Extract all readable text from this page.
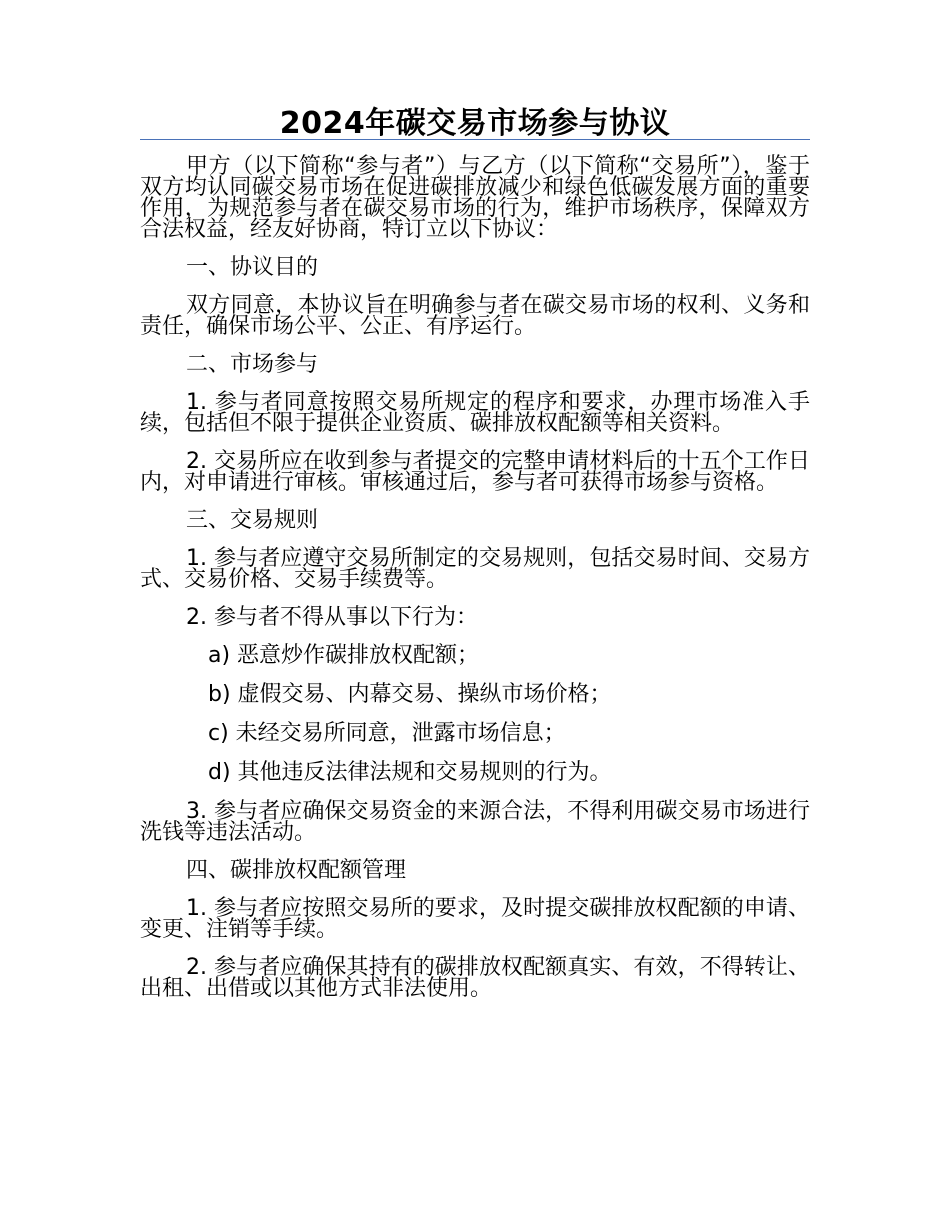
2024年碳交易市场参与协议

甲方（以下简称“参与者”）与乙方（以下简称“交易所”），鉴于双方均认同碳交易市场在促进碳排放减少和绿色低碳发展方面的重要作用，为规范参与者在碳交易市场的行为，维护市场秩序，保障双方合法权益，经友好协商，特订立以下协议：

一、协议目的

双方同意，本协议旨在明确参与者在碳交易市场的权利、义务和责任，确保市场公平、公正、有序运行。

二、市场参与

1. 参与者同意按照交易所规定的程序和要求，办理市场准入手续，包括但不限于提供企业资质、碳排放权配额等相关资料。

2. 交易所应在收到参与者提交的完整申请材料后的十五个工作日内，对申请进行审核。审核通过后，参与者可获得市场参与资格。

三、交易规则

1. 参与者应遵守交易所制定的交易规则，包括交易时间、交易方式、交易价格、交易手续费等。

2. 参与者不得从事以下行为：

a) 恶意炒作碳排放权配额；

b) 虚假交易、内幕交易、操纵市场价格；

c) 未经交易所同意，泄露市场信息；

d) 其他违反法律法规和交易规则的行为。

3. 参与者应确保交易资金的来源合法，不得利用碳交易市场进行洗钱等违法活动。

四、碳排放权配额管理

1. 参与者应按照交易所的要求，及时提交碳排放权配额的申请、变更、注销等手续。

2. 参与者应确保其持有的碳排放权配额真实、有效，不得转让、出租、出借或以其他方式非法使用。
